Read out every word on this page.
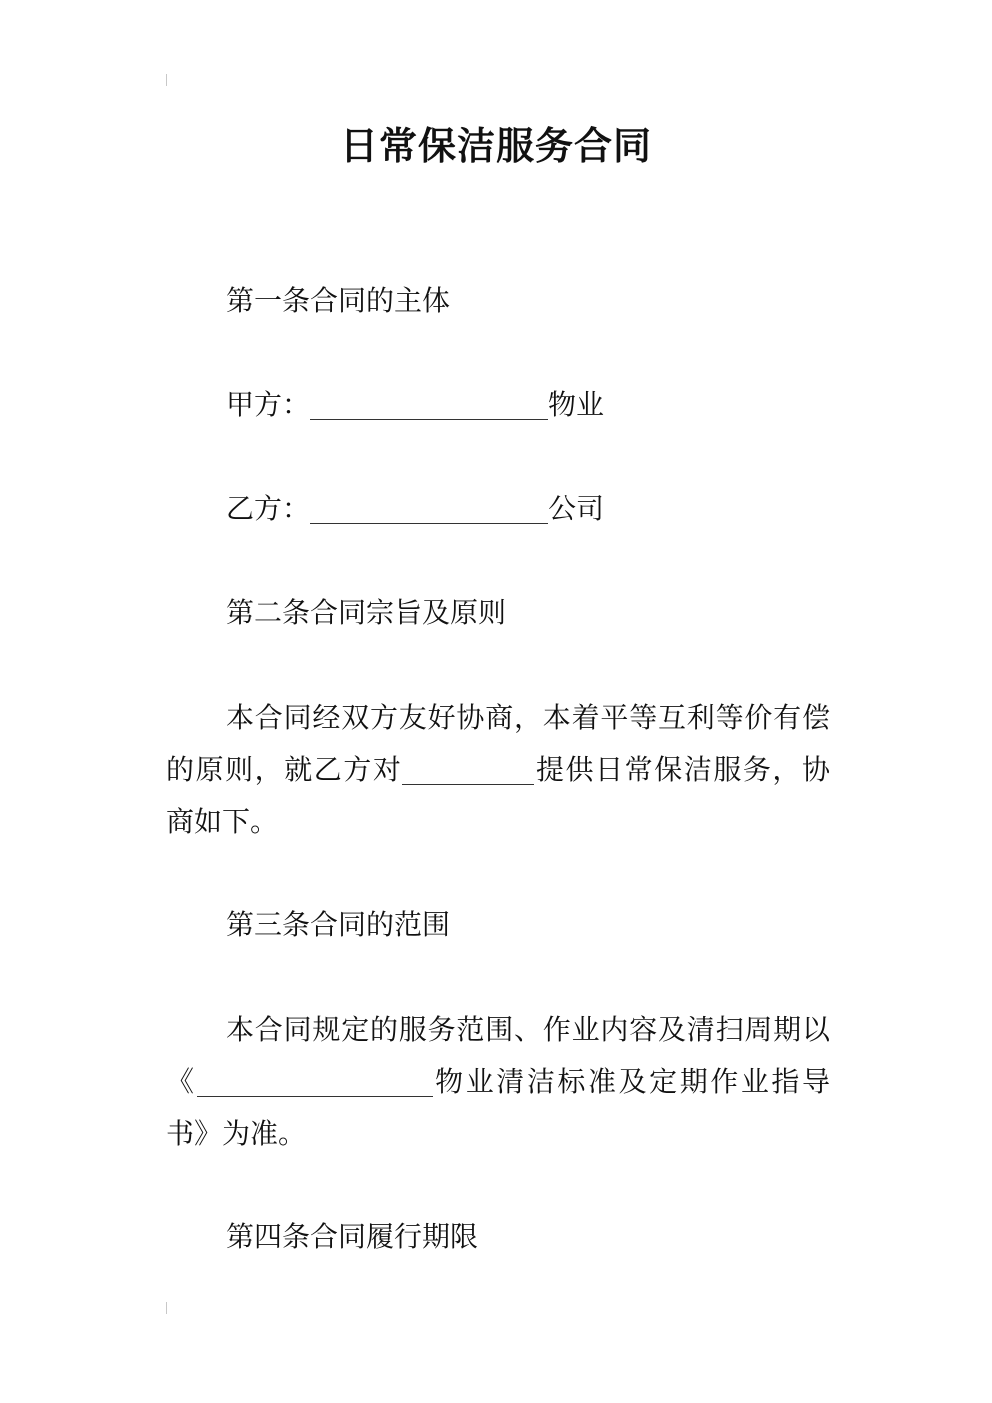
日常保洁服务合同
第一条合同的主体
甲方：	物业
乙方：	公司
第二条合同宗旨及原则
本合同经双方友好协商，本着平等互利等价有偿的原则，就乙方对	提供日常保洁服务，协商如下。
第三条合同的范围
本合同规定的服务范围、作业内容及清扫周期以《	物业清洁标准及定期作业指导书》为准。
第四条合同履行期限
